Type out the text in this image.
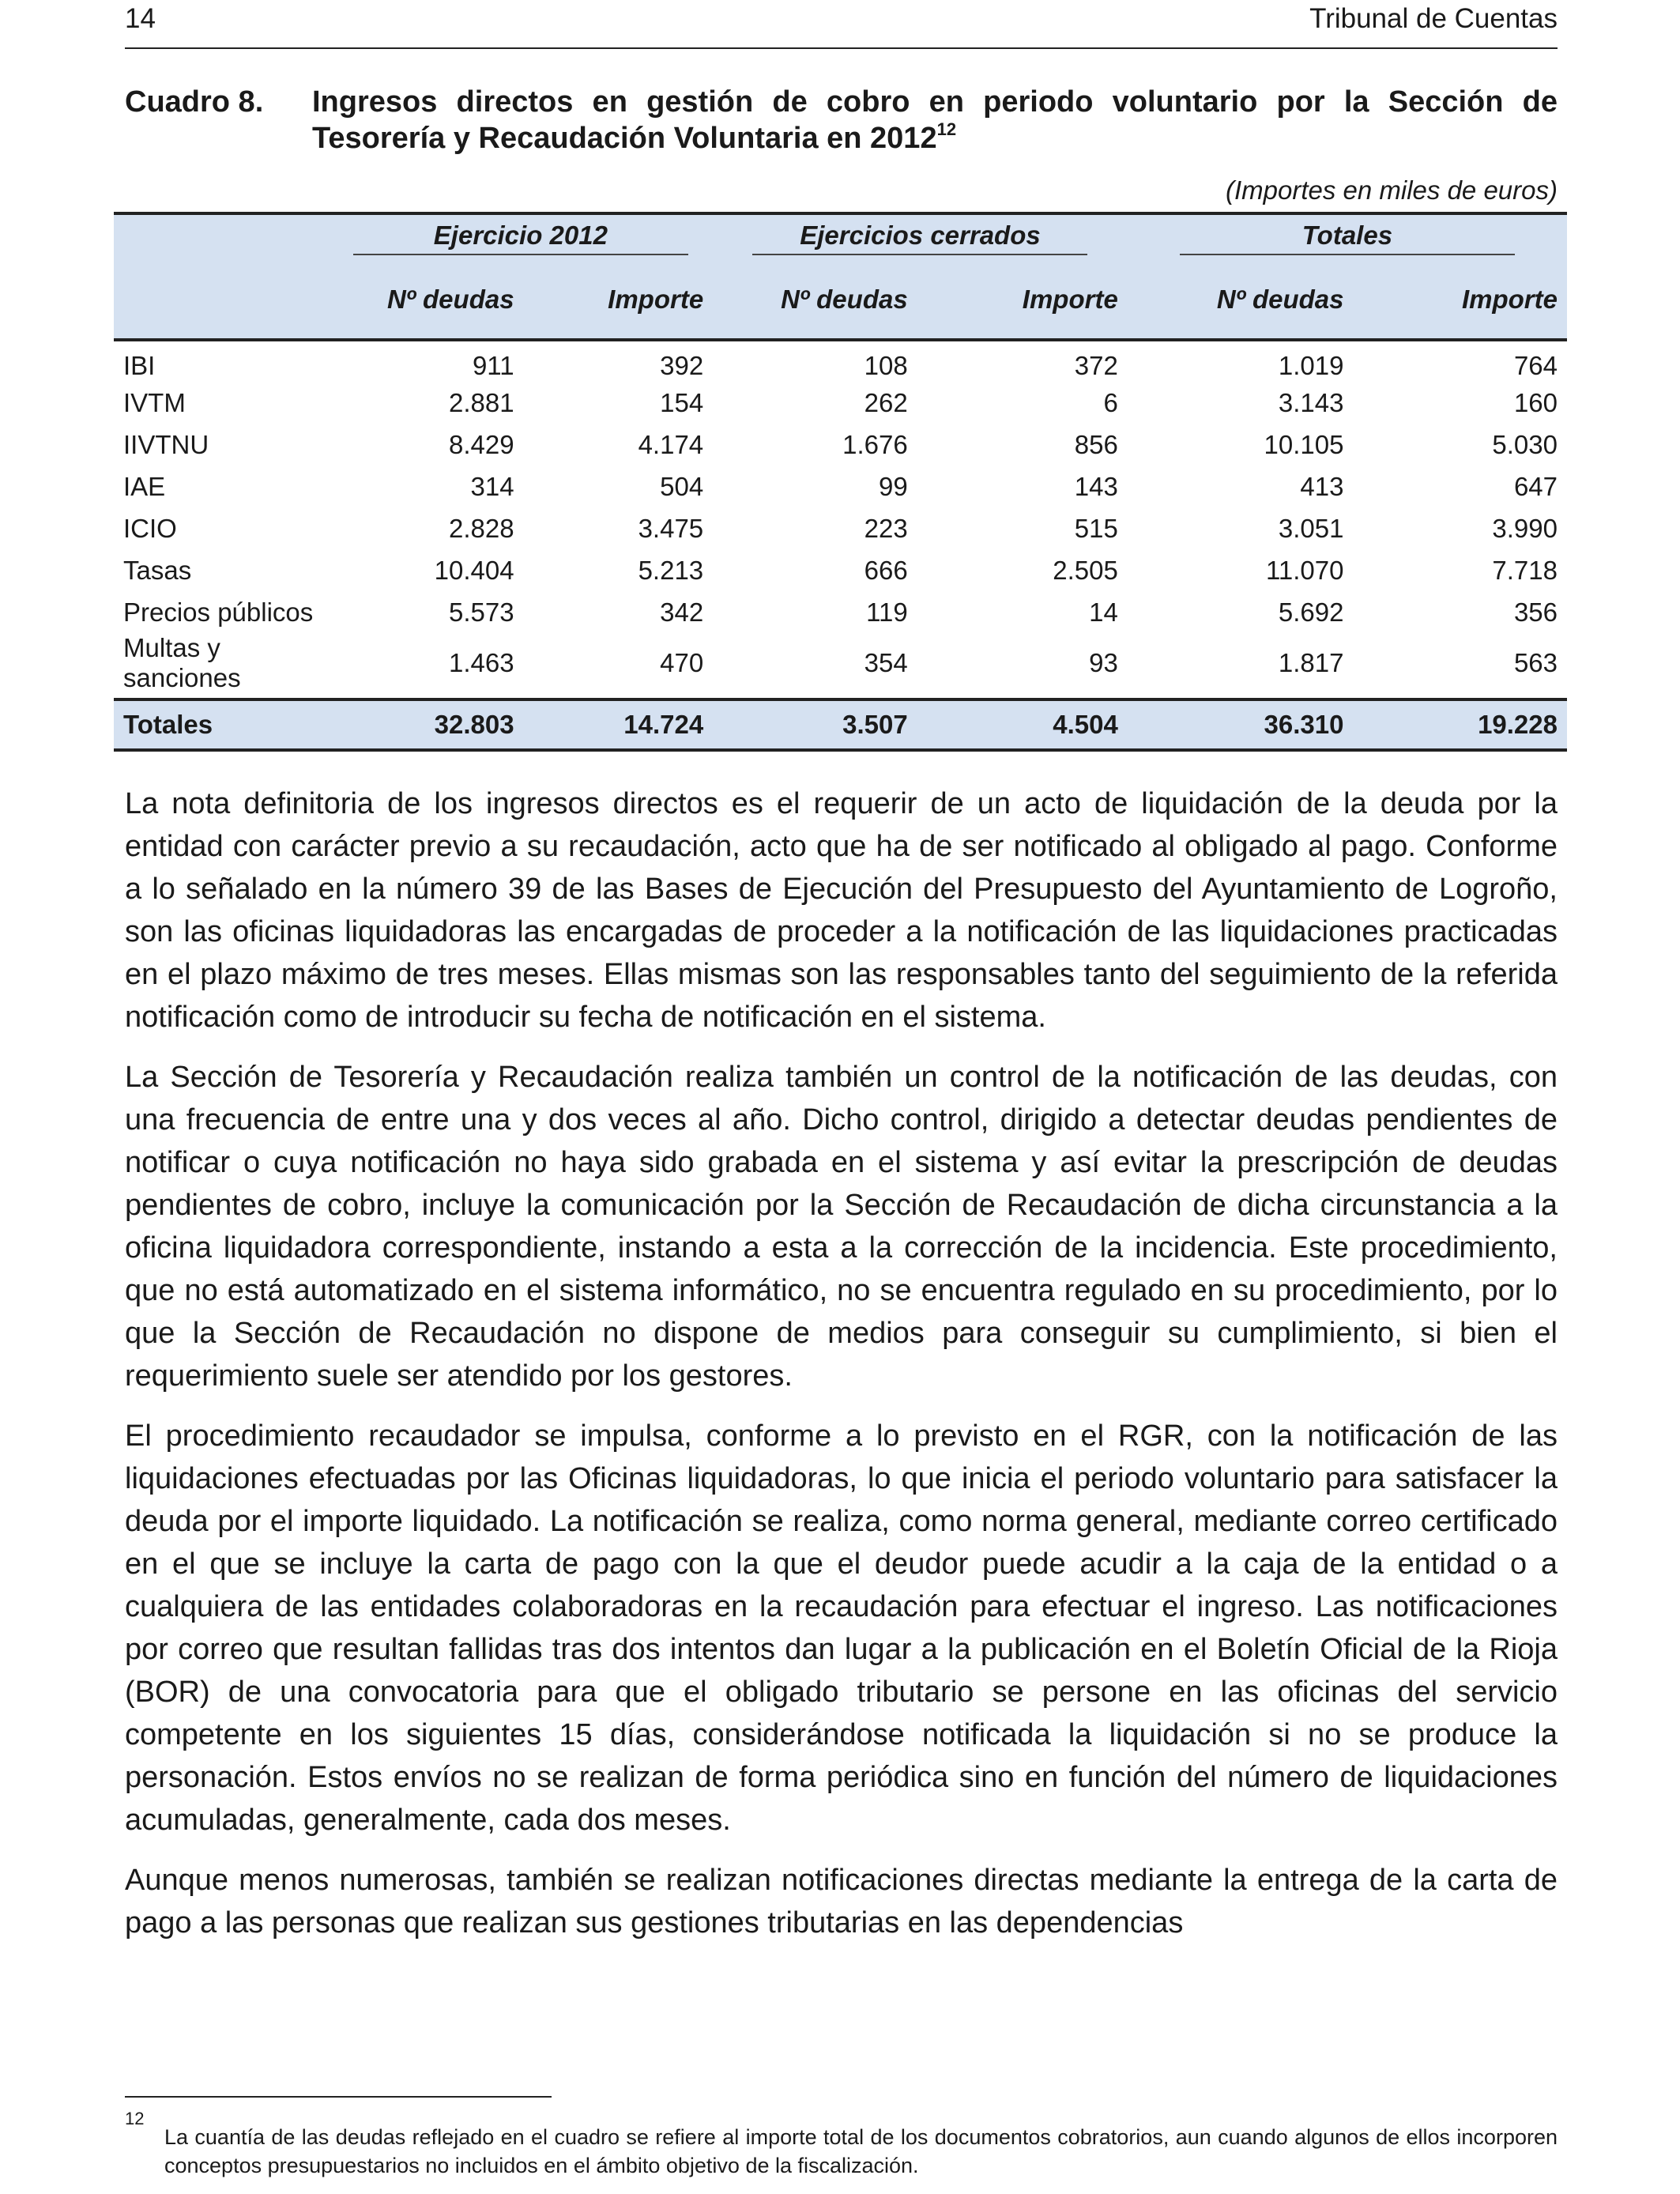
14	Tribunal de Cuentas
Cuadro 8. Ingresos directos en gestión de cobro en periodo voluntario por la Sección de Tesorería y Recaudación Voluntaria en 2012$^{12}$
(Importes en miles de euros)
	Ejercicio 2012		Ejercicios cerrados		Totales	
	Nº deudas	Importe	Nº deudas	Importe	Nº deudas	Importe
IBI	911	392	108	372	1.019	764
IVTM	2.881	154	262	6	3.143	160
IIVTNU	8.429	4.174	1.676	856	10.105	5.030
IAE	314	504	99	143	413	647
ICIO	2.828	3.475	223	515	3.051	3.990
Tasas	10.404	5.213	666	2.505	11.070	7.718
Precios públicos	5.573	342	119	14	5.692	356
Multas y sanciones	1.463	470	354	93	1.817	563
Totales	32.803	14.724	3.507	4.504	36.310	19.228

La nota definitoria de los ingresos directos es el requerir de un acto de liquidación de la deuda por la entidad con carácter previo a su recaudación, acto que ha de ser notificado al obligado al pago. Conforme a lo señalado en la número 39 de las Bases de Ejecución del Presupuesto del Ayuntamiento de Logroño, son las oficinas liquidadoras las encargadas de proceder a la notificación de las liquidaciones practicadas en el plazo máximo de tres meses. Ellas mismas son las responsables tanto del seguimiento de la referida notificación como de introducir su fecha de notificación en el sistema.

La Sección de Tesorería y Recaudación realiza también un control de la notificación de las deudas, con una frecuencia de entre una y dos veces al año. Dicho control, dirigido a detectar deudas pendientes de notificar o cuya notificación no haya sido grabada en el sistema y así evitar la prescripción de deudas pendientes de cobro, incluye la comunicación por la Sección de Recaudación de dicha circunstancia a la oficina liquidadora correspondiente, instando a esta a la corrección de la incidencia. Este procedimiento, que no está automatizado en el sistema informático, no se encuentra regulado en su procedimiento, por lo que la Sección de Recaudación no dispone de medios para conseguir su cumplimiento, si bien el requerimiento suele ser atendido por los gestores.

El procedimiento recaudador se impulsa, conforme a lo previsto en el RGR, con la notificación de las liquidaciones efectuadas por las Oficinas liquidadoras, lo que inicia el periodo voluntario para satisfacer la deuda por el importe liquidado. La notificación se realiza, como norma general, mediante correo certificado en el que se incluye la carta de pago con la que el deudor puede acudir a la caja de la entidad o a cualquiera de las entidades colaboradoras en la recaudación para efectuar el ingreso. Las notificaciones por correo que resultan fallidas tras dos intentos dan lugar a la publicación en el Boletín Oficial de la Rioja (BOR) de una convocatoria para que el obligado tributario se persone en las oficinas del servicio competente en los siguientes 15 días, considerándose notificada la liquidación si no se produce la personación. Estos envíos no se realizan de forma periódica sino en función del número de liquidaciones acumuladas, generalmente, cada dos meses.

Aunque menos numerosas, también se realizan notificaciones directas mediante la entrega de la carta de pago a las personas que realizan sus gestiones tributarias en las dependencias

12
La cuantía de las deudas reflejado en el cuadro se refiere al importe total de los documentos cobratorios, aun cuando algunos de ellos incorporen conceptos presupuestarios no incluidos en el ámbito objetivo de la fiscalización.
